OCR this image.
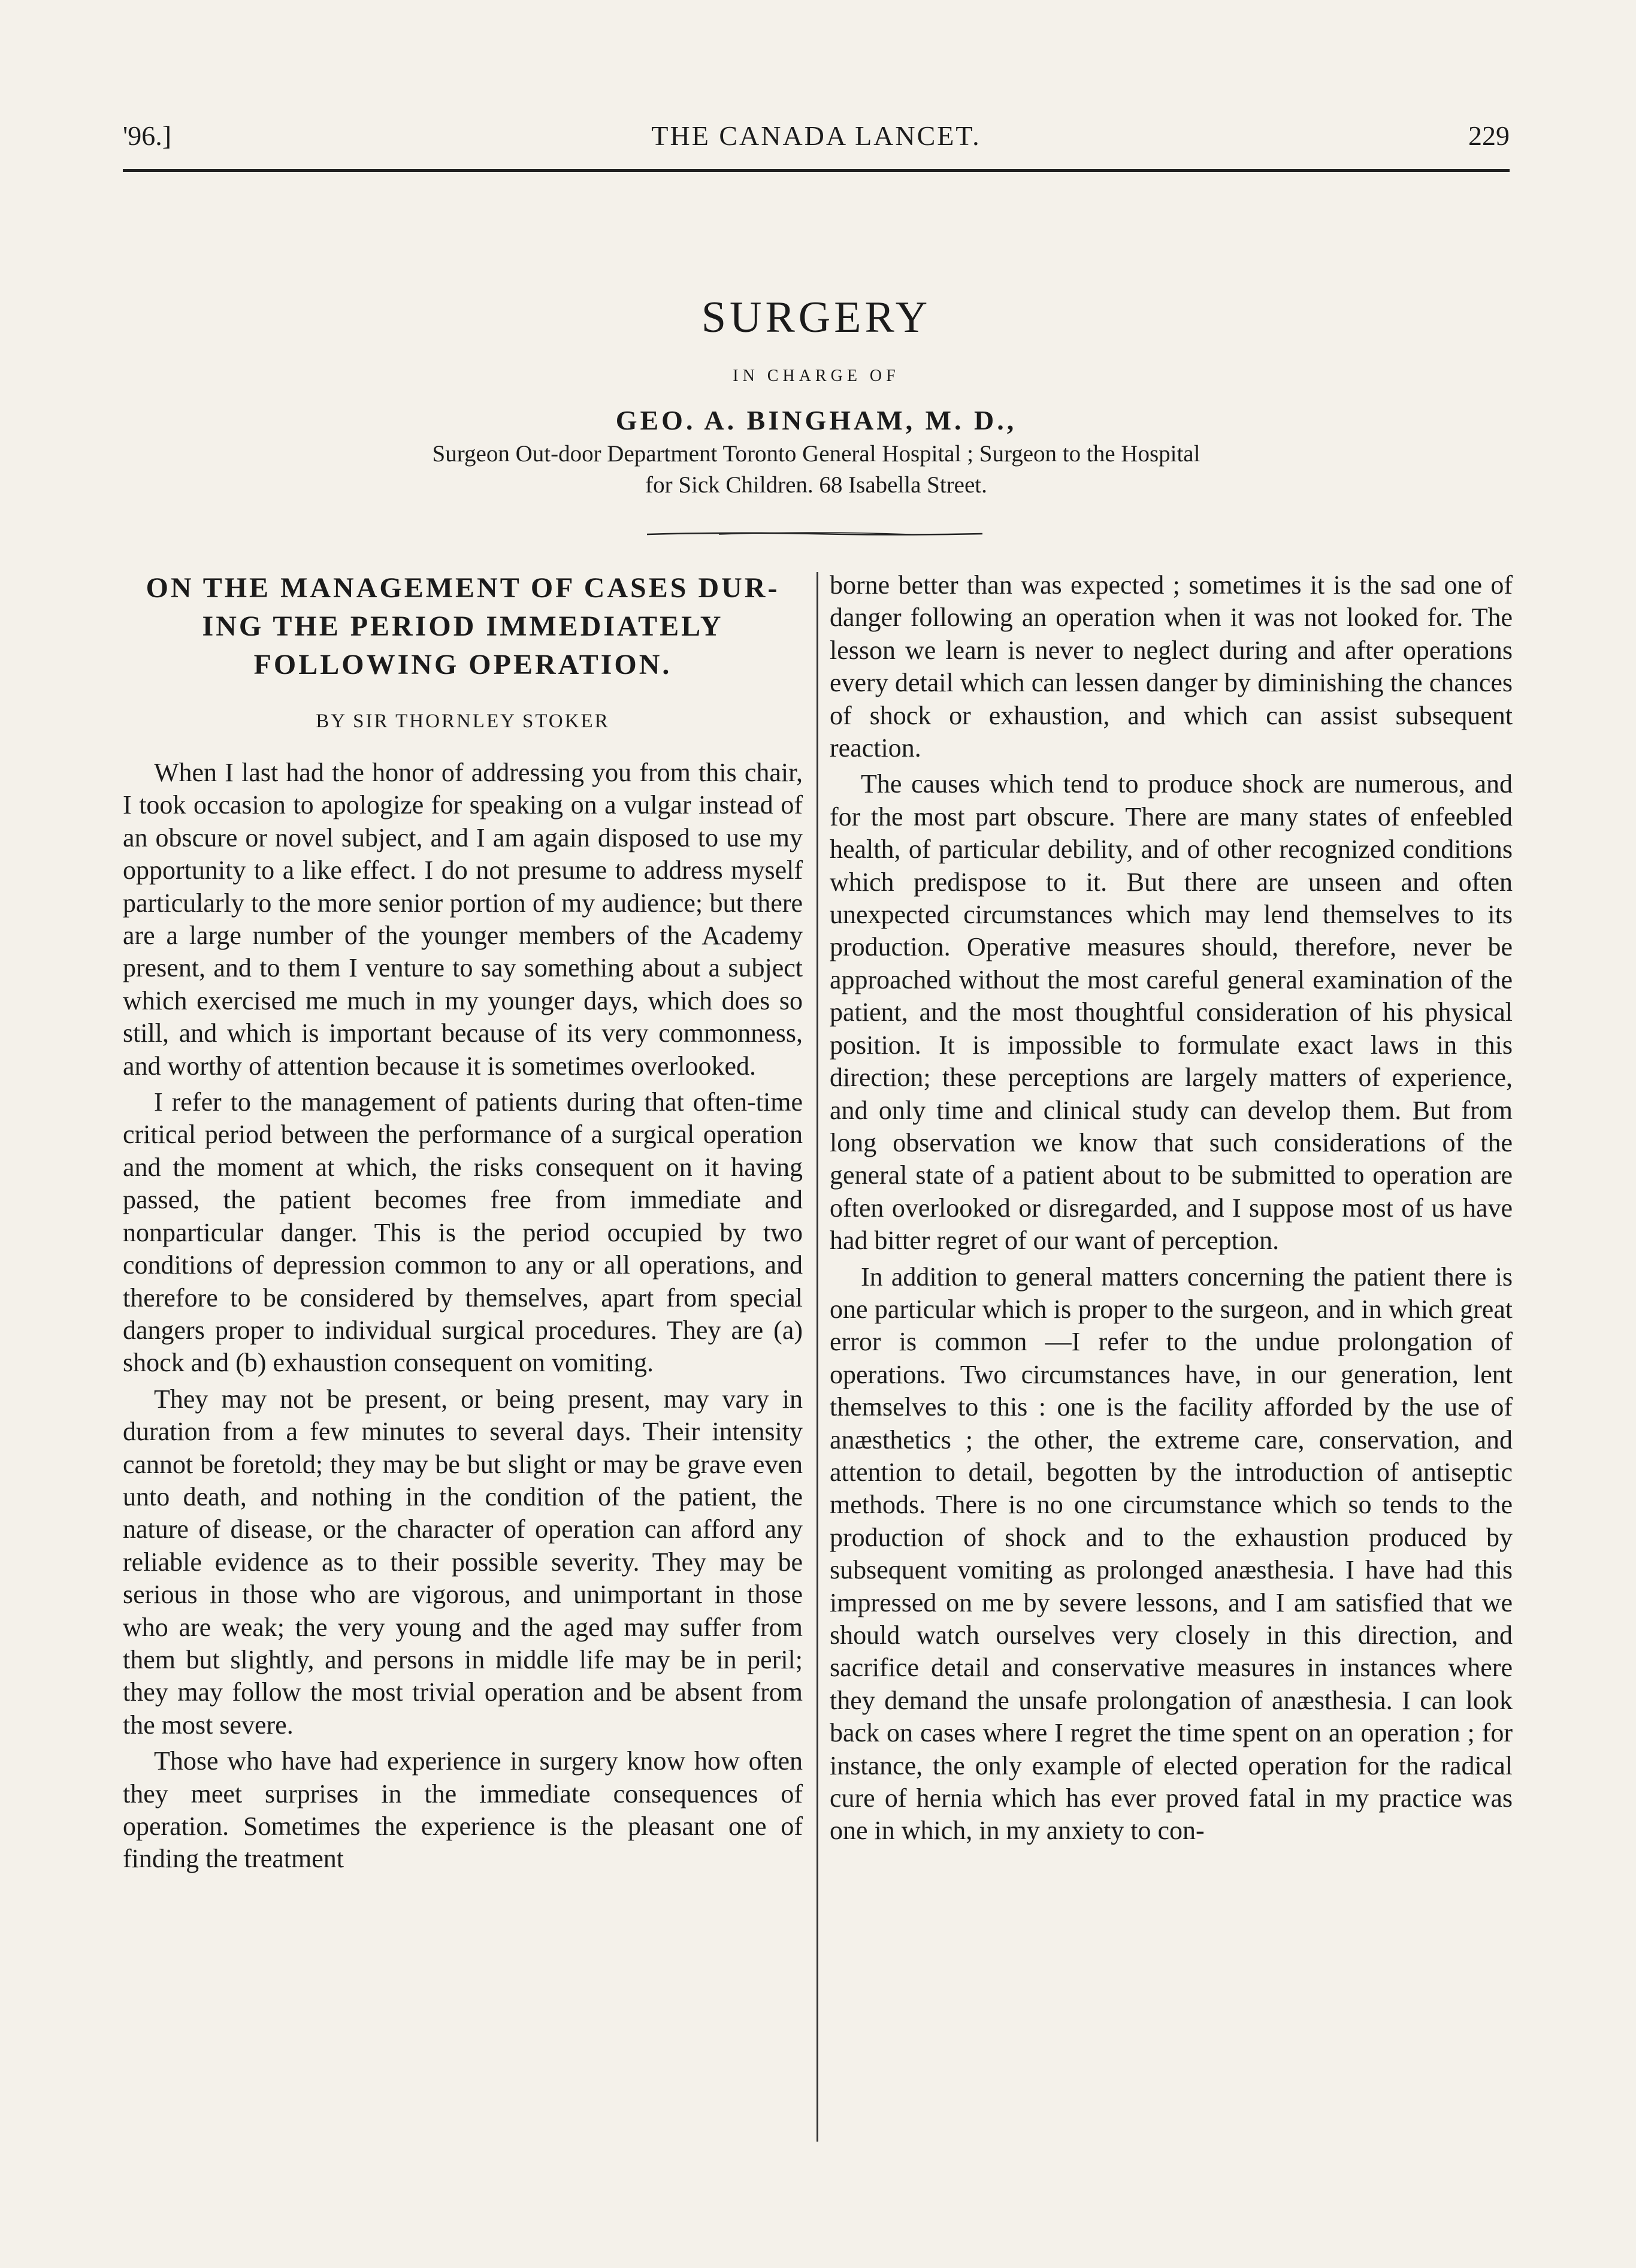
'96.]	THE CANADA LANCET.	229
SURGERY
IN CHARGE OF
GEO. A. BINGHAM, M. D.,
Surgeon Out-door Department Toronto General Hospital ; Surgeon to the Hospital
for Sick Children. 68 Isabella Street.
ON THE MANAGEMENT OF CASES DUR-
ING THE PERIOD IMMEDIATELY
FOLLOWING OPERATION.
BY SIR THORNLEY STOKER

When I last had the honor of addressing you from this chair, I took occasion to apologize for speaking on a vulgar instead of an obscure or novel subject, and I am again disposed to use my opportunity to a like effect. I do not presume to address myself particularly to the more senior portion of my audience; but there are a large number of the younger members of the Academy present, and to them I venture to say something about a subject which exercised me much in my younger days, which does so still, and which is important because of its very commonness, and worthy of attention because it is sometimes overlooked.

I refer to the management of patients during that often-time critical period between the performance of a surgical operation and the moment at which, the risks consequent on it having passed, the patient becomes free from immediate and nonparticular danger. This is the period occupied by two conditions of depression common to any or all operations, and therefore to be considered by themselves, apart from special dangers proper to individual surgical procedures. They are (a) shock and (b) exhaustion consequent on vomiting.

They may not be present, or being present, may vary in duration from a few minutes to several days. Their intensity cannot be foretold; they may be but slight or may be grave even unto death, and nothing in the condition of the patient, the nature of disease, or the character of operation can afford any reliable evidence as to their possible severity. They may be serious in those who are vigorous, and unimportant in those who are weak; the very young and the aged may suffer from them but slightly, and persons in middle life may be in peril; they may follow the most trivial operation and be absent from the most severe.

Those who have had experience in surgery know how often they meet surprises in the immediate consequences of operation. Sometimes the experience is the pleasant one of finding the treatment

borne better than was expected ; sometimes it is the sad one of danger following an operation when it was not looked for. The lesson we learn is never to neglect during and after operations every detail which can lessen danger by diminishing the chances of shock or exhaustion, and which can assist subsequent reaction.

The causes which tend to produce shock are numerous, and for the most part obscure. There are many states of enfeebled health, of particular debility, and of other recognized conditions which predispose to it. But there are unseen and often unexpected circumstances which may lend themselves to its production. Operative measures should, therefore, never be approached without the most careful general examination of the patient, and the most thoughtful consideration of his physical position. It is impossible to formulate exact laws in this direction; these perceptions are largely matters of experience, and only time and clinical study can develop them. But from long observation we know that such considerations of the general state of a patient about to be submitted to operation are often overlooked or disregarded, and I suppose most of us have had bitter regret of our want of perception.

In addition to general matters concerning the patient there is one particular which is proper to the surgeon, and in which great error is common —I refer to the undue prolongation of operations. Two circumstances have, in our generation, lent themselves to this : one is the facility afforded by the use of anæsthetics ; the other, the extreme care, conservation, and attention to detail, begotten by the introduction of antiseptic methods. There is no one circumstance which so tends to the production of shock and to the exhaustion produced by subsequent vomiting as prolonged anæsthesia. I have had this impressed on me by severe lessons, and I am satisfied that we should watch ourselves very closely in this direction, and sacrifice detail and conservative measures in instances where they demand the unsafe prolongation of anæsthesia. I can look back on cases where I regret the time spent on an operation ; for instance, the only example of elected operation for the radical cure of hernia which has ever proved fatal in my practice was one in which, in my anxiety to con-
